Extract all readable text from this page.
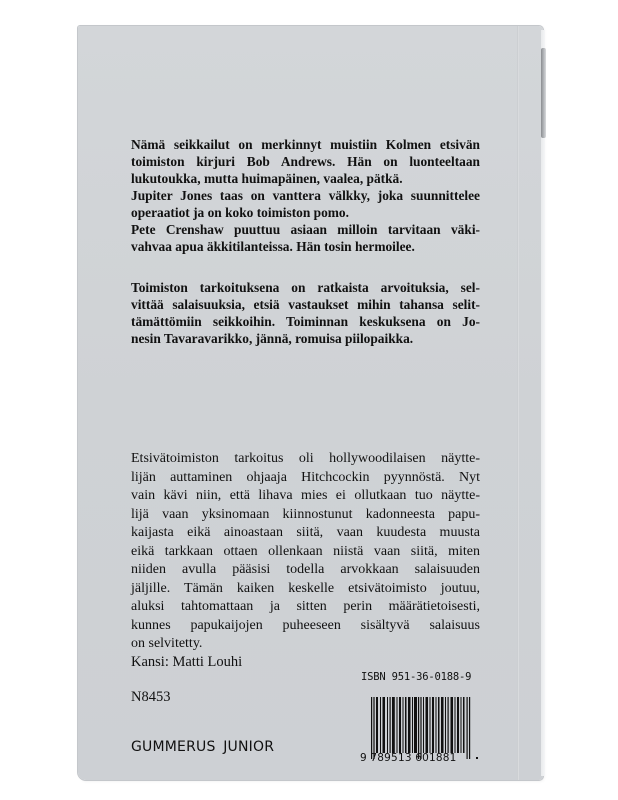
Nämä seikkailut on merkinnyt muistiin Kolmen etsivän
toimiston kirjuri Bob Andrews. Hän on luonteeltaan
lukutoukka, mutta huimapäinen, vaalea, pätkä.
Jupiter Jones taas on vanttera välkky, joka suunnittelee
operaatiot ja on koko toimiston pomo.
Pete Crenshaw puuttuu asiaan milloin tarvitaan väki-
vahvaa apua äkkitilanteissa. Hän tosin hermoilee.
Toimiston tarkoituksena on ratkaista arvoituksia, sel-
vittää salaisuuksia, etsiä vastaukset mihin tahansa selit-
tämättömiin seikkoihin. Toiminnan keskuksena on Jo-
nesin Tavaravarikko, jännä, romuisa piilopaikka.
Etsivätoimiston tarkoitus oli hollywoodilaisen näytte-
lijän auttaminen ohjaaja Hitchcockin pyynnöstä. Nyt
vain kävi niin, että lihava mies ei ollutkaan tuo näytte-
lijä vaan yksinomaan kiinnostunut kadonneesta papu-
kaijasta eikä ainoastaan siitä, vaan kuudesta muusta
eikä tarkkaan ottaen ollenkaan niistä vaan siitä, miten
niiden avulla pääsisi todella arvokkaan salaisuuden
jäljille. Tämän kaiken keskelle etsivätoimisto joutuu,
aluksi tahtomattaan ja sitten perin määrätietoisesti,
kunnes papukaijojen puheeseen sisältyvä salaisuus
on selvitetty.
Kansi: Matti Louhi
N8453
GUMMERUS JUNIOR
ISBN 951-36-0188-9
9 789513 601881
